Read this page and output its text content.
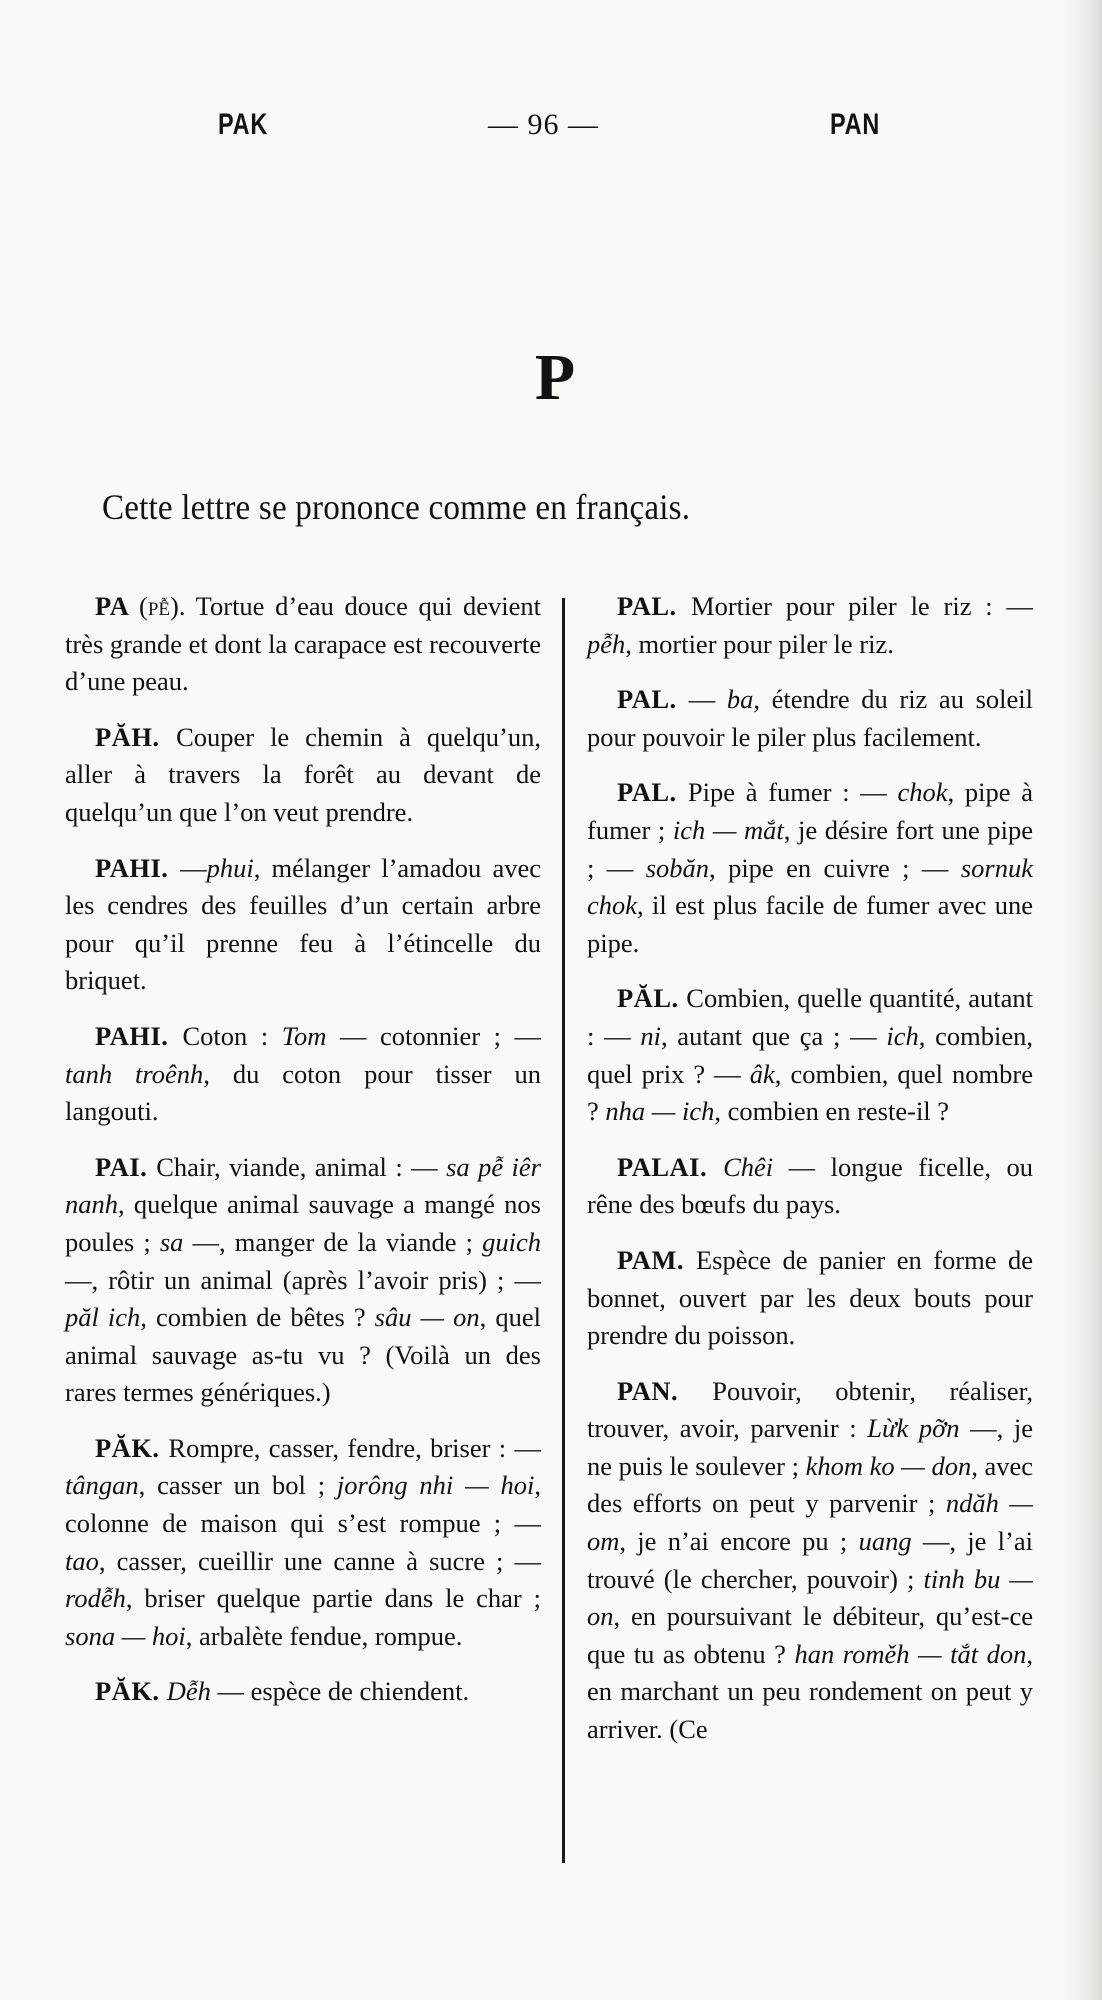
PAK	— 96 —	PAN
P
Cette lettre se prononce comme en français.

PA (pễ). Tortue d’eau douce qui devient très grande et dont la carapace est recouverte d’une peau.

PĂH. Couper le chemin à quelqu’un, aller à travers la forêt au devant de quelqu’un que l’on veut prendre.

PAHI. —phui, mélanger l’amadou avec les cendres des feuilles d’un certain arbre pour qu’il prenne feu à l’étincelle du briquet.

PAHI. Coton : Tom — cotonnier ; — tanh troênh, du coton pour tisser un langouti.

PAI. Chair, viande, animal : — sa pễ iêr nanh, quelque animal sauvage a mangé nos poules ; sa —, manger de la viande ; guich —, rôtir un animal (après l’avoir pris) ; — păl ich, combien de bêtes ? sâu — on, quel animal sauvage as-tu vu ? (Voilà un des rares termes génériques.)

PĂK. Rompre, casser, fendre, briser : — tângan, casser un bol ; jorông nhi — hoi, colonne de maison qui s’est rompue ; — tao, casser, cueillir une canne à sucre ; — rodễh, briser quelque partie dans le char ; sona — hoi, arbalète fendue, rompue.

PĂK. Dễh — espèce de chiendent.

PAL. Mortier pour piler le riz : — pễh, mortier pour piler le riz.

PAL. — ba, étendre du riz au soleil pour pouvoir le piler plus facilement.

PAL. Pipe à fumer : — chok, pipe à fumer ; ich — mắt, je désire fort une pipe ; — sobăn, pipe en cuivre ; — sornuk chok, il est plus facile de fumer avec une pipe.

PĂL. Combien, quelle quantité, autant : — ni, autant que ça ; — ich, combien, quel prix ? — âk, combien, quel nombre ? nha — ich, combien en reste-il ?

PALAI. Chêi — longue ficelle, ou rêne des bœufs du pays.

PAM. Espèce de panier en forme de bonnet, ouvert par les deux bouts pour prendre du poisson.

PAN. Pouvoir, obtenir, réaliser, trouver, avoir, parvenir : Lừk pỡn —, je ne puis le soulever ; khom ko — don, avec des efforts on peut y parvenir ; ndăh — om, je n’ai encore pu ; uang —, je l’ai trouvé (le chercher, pouvoir) ; tinh bu — on, en poursuivant le débiteur, qu’est-ce que tu as obtenu ? han roměh — tắt don, en marchant un peu rondement on peut y arriver. (Ce
